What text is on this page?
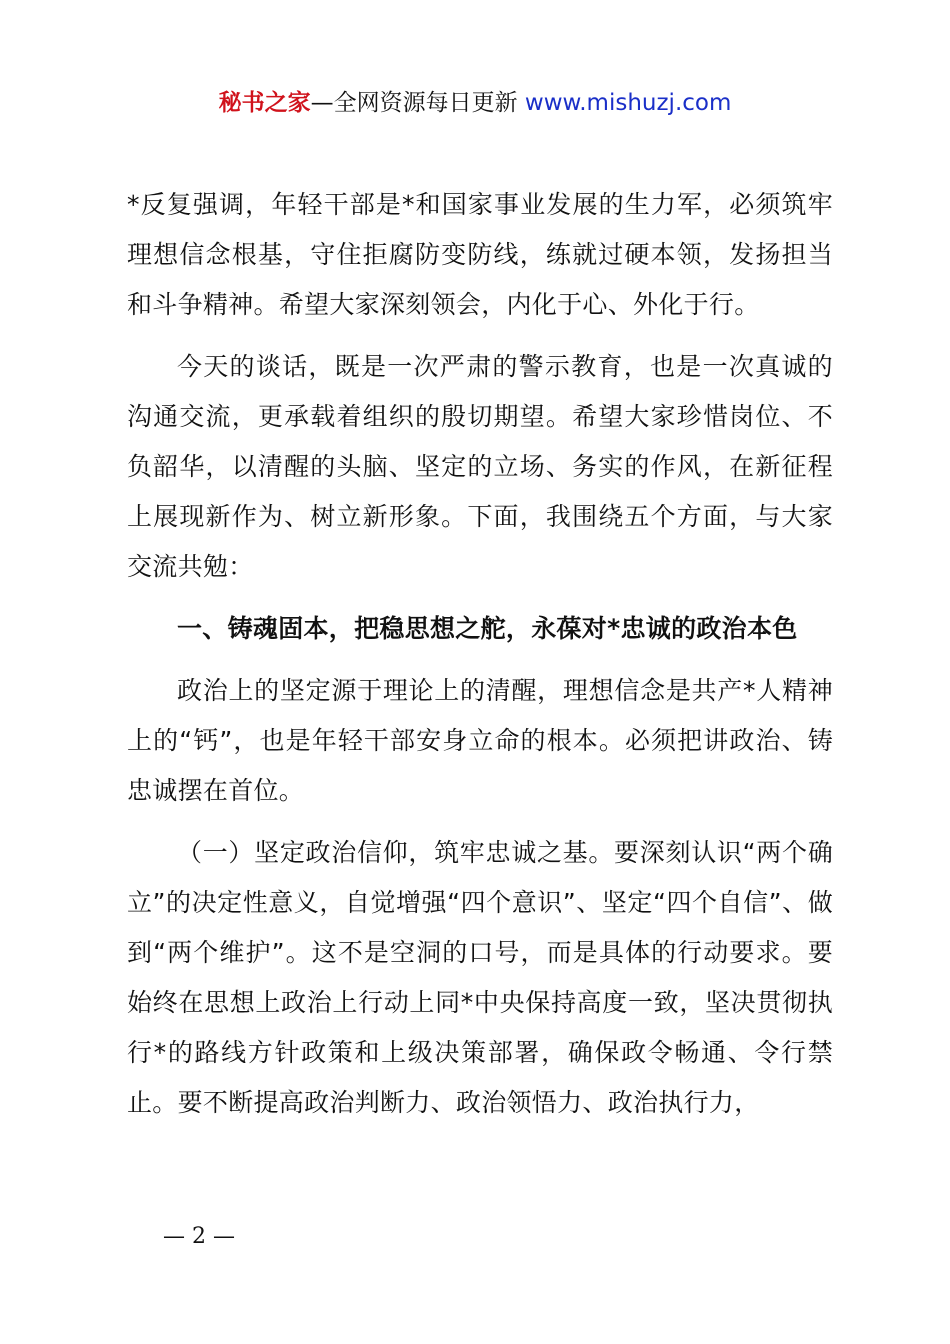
秘书之家—全网资源每日更新 www.mishuzj.com

*反复强调，年轻干部是*和国家事业发展的生力军，必须筑牢理想信念根基，守住拒腐防变防线，练就过硬本领，发扬担当和斗争精神。希望大家深刻领会，内化于心、外化于行。

今天的谈话，既是一次严肃的警示教育，也是一次真诚的沟通交流，更承载着组织的殷切期望。希望大家珍惜岗位、不负韶华，以清醒的头脑、坚定的立场、务实的作风，在新征程上展现新作为、树立新形象。下面，我围绕五个方面，与大家交流共勉：

一、铸魂固本，把稳思想之舵，永葆对*忠诚的政治本色

政治上的坚定源于理论上的清醒，理想信念是共产*人精神上的“钙”，也是年轻干部安身立命的根本。必须把讲政治、铸忠诚摆在首位。

（一）坚定政治信仰，筑牢忠诚之基。要深刻认识“两个确立”的决定性意义，自觉增强“四个意识”、坚定“四个自信”、做到“两个维护”。这不是空洞的口号，而是具体的行动要求。要始终在思想上政治上行动上同*中央保持高度一致，坚决贯彻执行*的路线方针政策和上级决策部署，确保政令畅通、令行禁止。要不断提高政治判断力、政治领悟力、政治执行力，

— 2 —
